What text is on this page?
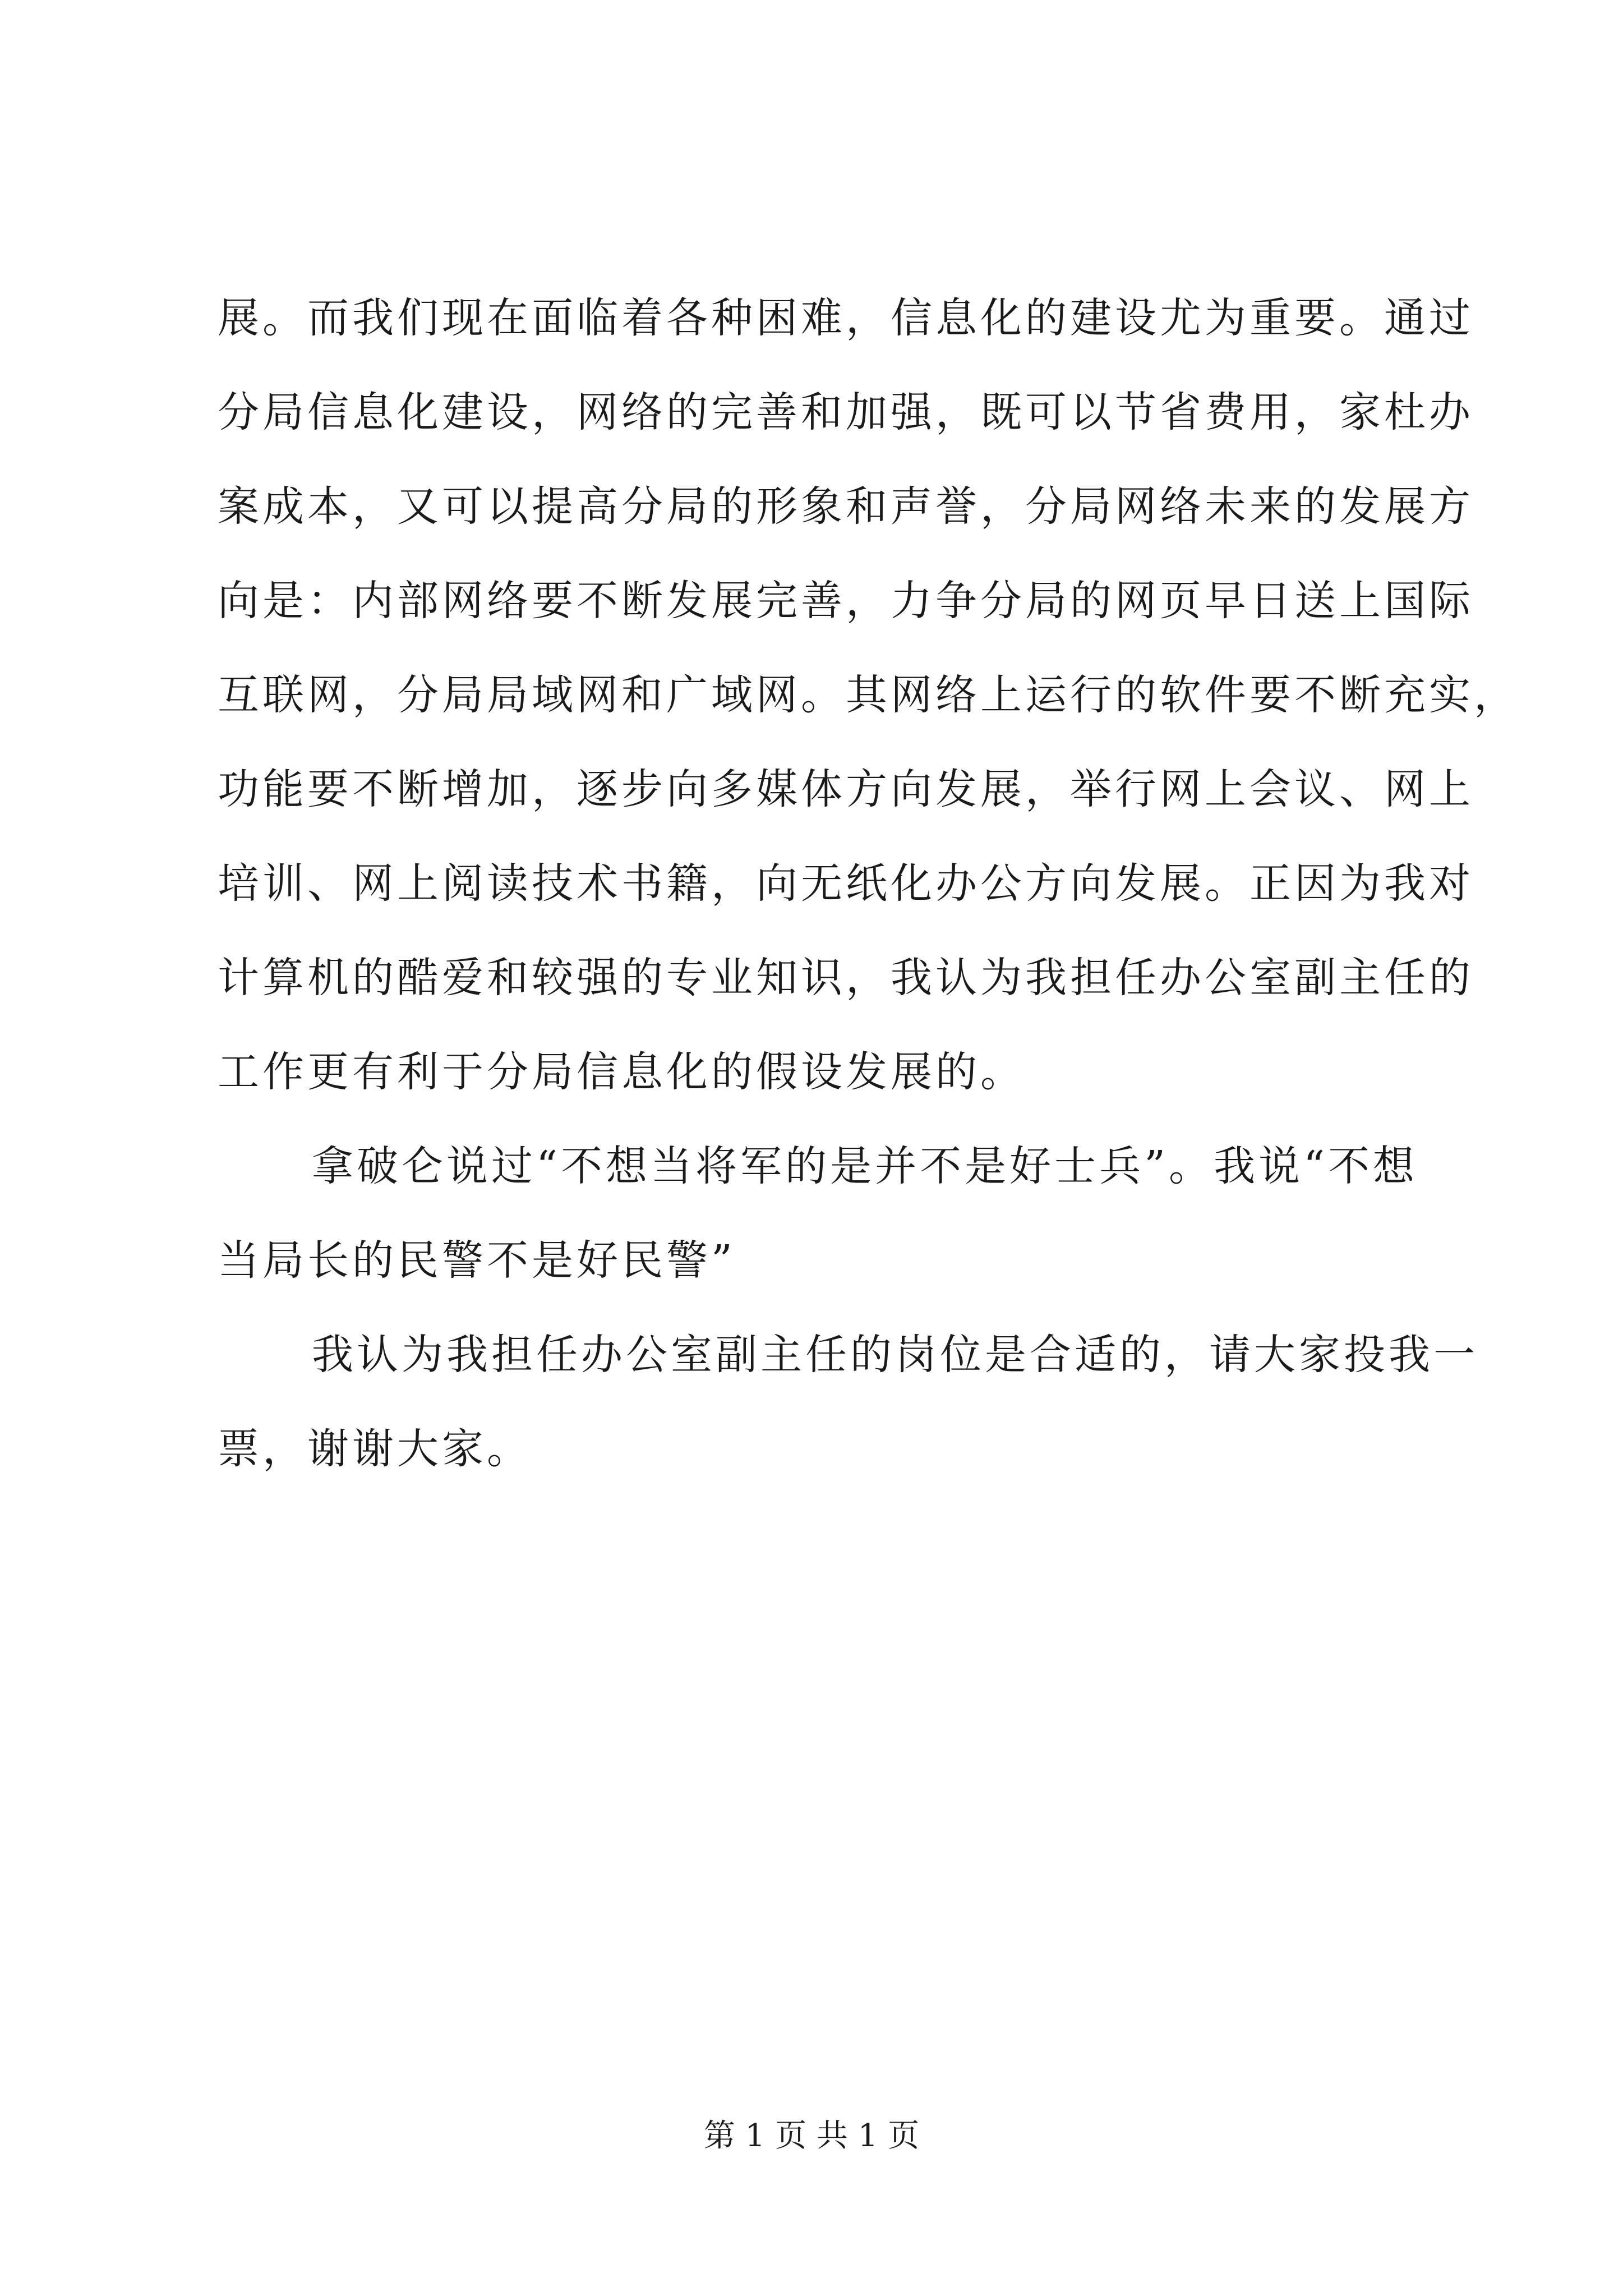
展。而我们现在面临着各种困难，信息化的建设尤为重要。通过
分局信息化建设，网络的完善和加强，既可以节省费用，家杜办
案成本，又可以提高分局的形象和声誉，分局网络未来的发展方
向是：内部网络要不断发展完善，力争分局的网页早日送上国际
互联网，分局局域网和广域网。其网络上运行的软件要不断充实，
功能要不断增加，逐步向多媒体方向发展，举行网上会议、网上
培训、网上阅读技术书籍，向无纸化办公方向发展。正因为我对
计算机的酷爱和较强的专业知识，我认为我担任办公室副主任的
工作更有利于分局信息化的假设发展的。
拿破仑说过“不想当将军的是并不是好士兵”。我说“不想
当局长的民警不是好民警”
我认为我担任办公室副主任的岗位是合适的，请大家投我一
票，谢谢大家。
第 1 页 共 1 页
